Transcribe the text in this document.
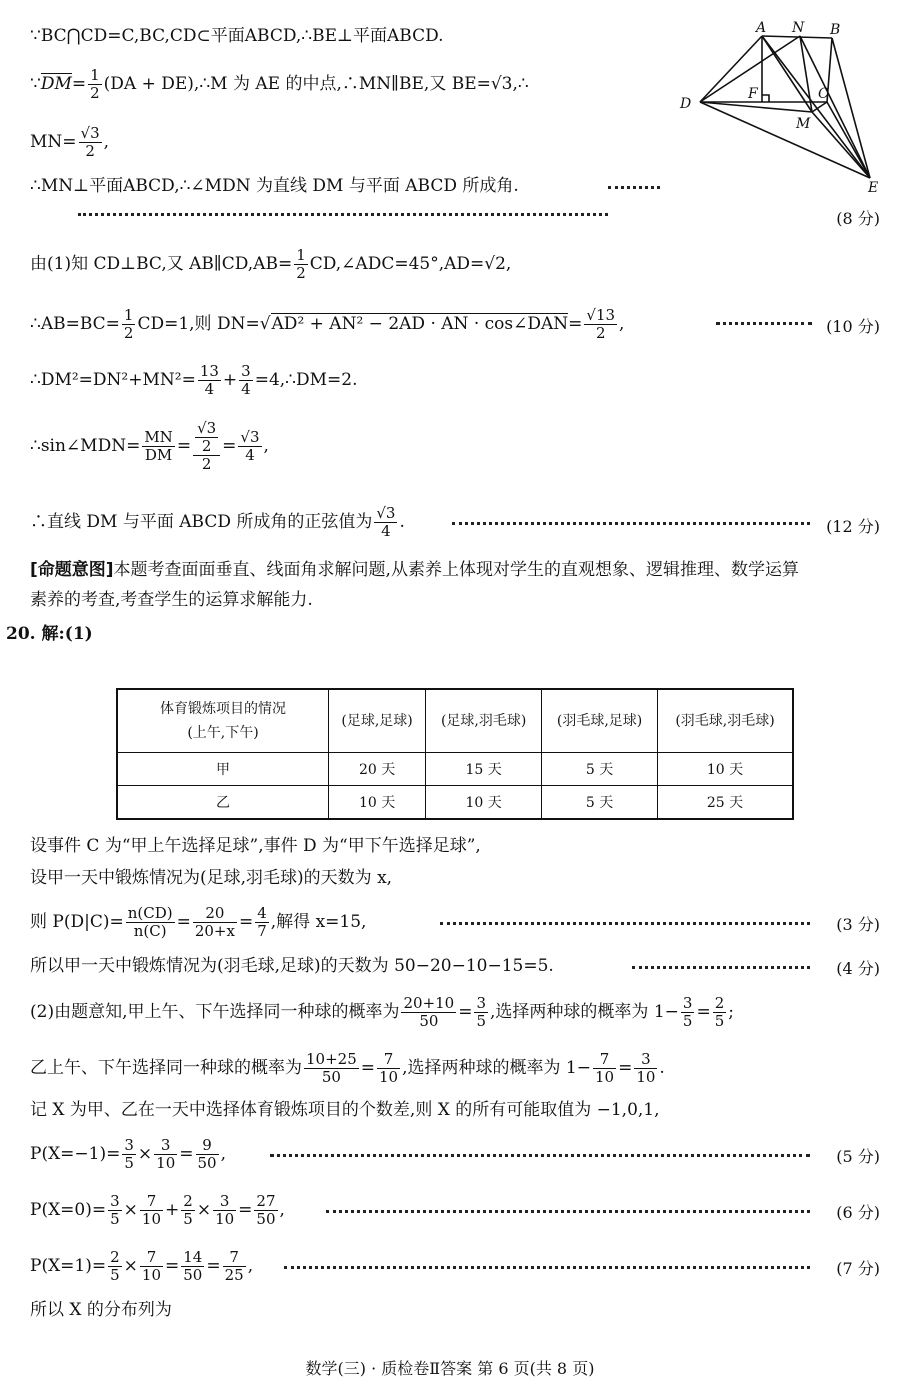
A N B
D
F	C
M
E
∵BC⋂CD=C,BC,CD⊂平面ABCD,∴BE⊥平面ABCD.
∵DM= $\frac{1}{2} (DA$ + DE),∴M 为 AE 的中点,∴MN∥BE,又 BE=√3,∴
$MN= \frac{√3}{2}$ ,
∴MN⊥平面ABCD,∴∠MDN 为直线 DM 与平面 ABCD 所成角.
(8 分)
由(1)知 CD⊥BC,又 AB∥CD,AB= $\frac{1}{2}$ CD,∠ADC=45°,AD=√2,
∴AB=BC= $\frac{1}{2} CD=1$,则 DN=√AD² + AN² − 2AD · AN · cos∠DAN= $\frac{√13}{2}$ ,	(10 分)
∴DM²=DN²+MN²= $\frac{13}{4} + \frac{3}{4}$ =4,∴DM=2.
∴sin∠MDN= $\frac{MN}{DM} = \frac{\frac{√3}{2}}{2} = \frac{√3}{4}$ ,
∴直线 DM 与平面 ABCD 所成角的正弦值为 $\frac{√3}{4}$ .	(12 分)
[命题意图]本题考查面面垂直、线面角求解问题,从素养上体现对学生的直观想象、逻辑推理、数学运算
素养的考查,考查学生的运算求解能力.
20. 解:(1)
体育锻炼项目的情况
(上午,下午)	(足球,足球)	(足球,羽毛球)	(羽毛球,足球)	(羽毛球,羽毛球)
甲	20 天	15 天	5 天	10 天
乙	10 天	10 天	5 天	25 天
设事件 C 为“甲上午选择足球”,事件 D 为“甲下午选择足球”,
设甲一天中锻炼情况为(足球,羽毛球)的天数为 x,
则 $P(D|C)= \frac{n(CD)}{n(C)} = \frac{20}{20+x} = \frac{4}{7}$ ,解得 x=15,	(3 分)
所以甲一天中锻炼情况为(羽毛球,足球)的天数为 50−20−10−15=5.	(4 分)
(2)由题意知,甲上午、下午选择同一种球的概率为 $\frac{20+10}{50} = \frac{3}{5}$ ,选择两种球的概率为 $1- \frac{3}{5} = \frac{2}{5}$ ;
乙上午、下午选择同一种球的概率为 $\frac{10+25}{50} = \frac{7}{10}$ ,选择两种球的概率为 $1- \frac{7}{10} = \frac{3}{10}$ .
记 X 为甲、乙在一天中选择体育锻炼项目的个数差,则 X 的所有可能取值为 −1,0,1,
$P(X=-1)= \frac{3}{5} \times \frac{3}{10} = \frac{9}{50}$ ,	(5 分)
$P(X=0)= \frac{3}{5} \times \frac{7}{10} + \frac{2}{5} \times \frac{3}{10} = \frac{27}{50}$ ,	(6 分)
$P(X=1)= \frac{2}{5} \times \frac{7}{10} = \frac{14}{50} = \frac{7}{25}$ ,	(7 分)
所以 X 的分布列为
数学(三) · 质检卷Ⅱ答案 第 6 页(共 8 页)
